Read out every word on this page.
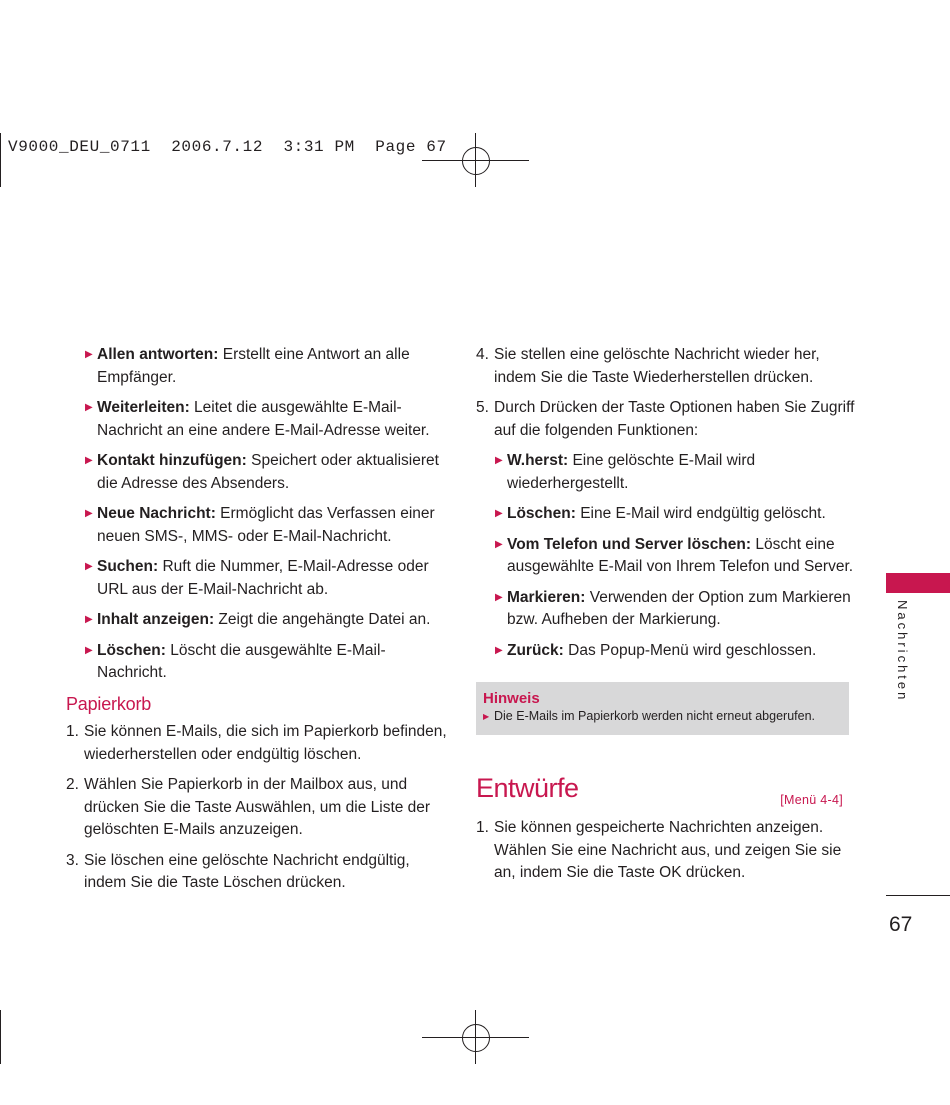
V9000_DEU_0711  2006.7.12  3:31 PM  Page 67
▶ Allen antworten: Erstellt eine Antwort an alle Empfänger.
▶ Weiterleiten: Leitet die ausgewählte E-Mail-Nachricht an eine andere E-Mail-Adresse weiter.
▶ Kontakt hinzufügen: Speichert oder aktualisieret die Adresse des Absenders.
▶ Neue Nachricht: Ermöglicht das Verfassen einer neuen SMS-, MMS- oder E-Mail-Nachricht.
▶ Suchen: Ruft die Nummer, E-Mail-Adresse oder URL aus der E-Mail-Nachricht ab.
▶ Inhalt anzeigen: Zeigt die angehängte Datei an.
▶ Löschen: Löscht die ausgewählte E-Mail-Nachricht.
Papierkorb
1. Sie können E-Mails, die sich im Papierkorb befinden, wiederherstellen oder endgültig löschen.
2. Wählen Sie Papierkorb in der Mailbox aus, und drücken Sie die Taste Auswählen, um die Liste der gelöschten E-Mails anzuzeigen.
3. Sie löschen eine gelöschte Nachricht endgültig, indem Sie die Taste Löschen drücken.
4. Sie stellen eine gelöschte Nachricht wieder her, indem Sie die Taste Wiederherstellen drücken.
5. Durch Drücken der Taste Optionen haben Sie Zugriff auf die folgenden Funktionen:
▶ W.herst: Eine gelöschte E-Mail wird wiederhergestellt.
▶ Löschen: Eine E-Mail wird endgültig gelöscht.
▶ Vom Telefon und Server löschen: Löscht eine ausgewählte E-Mail von Ihrem Telefon und Server.
▶ Markieren: Verwenden der Option zum Markieren bzw. Aufheben der Markierung.
▶ Zurück: Das Popup-Menü wird geschlossen.
Hinweis
▶ Die E-Mails im Papierkorb werden nicht erneut abgerufen.
Entwürfe	[Menü 4-4]
1. Sie können gespeicherte Nachrichten anzeigen. Wählen Sie eine Nachricht aus, und zeigen Sie sie an, indem Sie die Taste OK drücken.
Nachrichten
67
